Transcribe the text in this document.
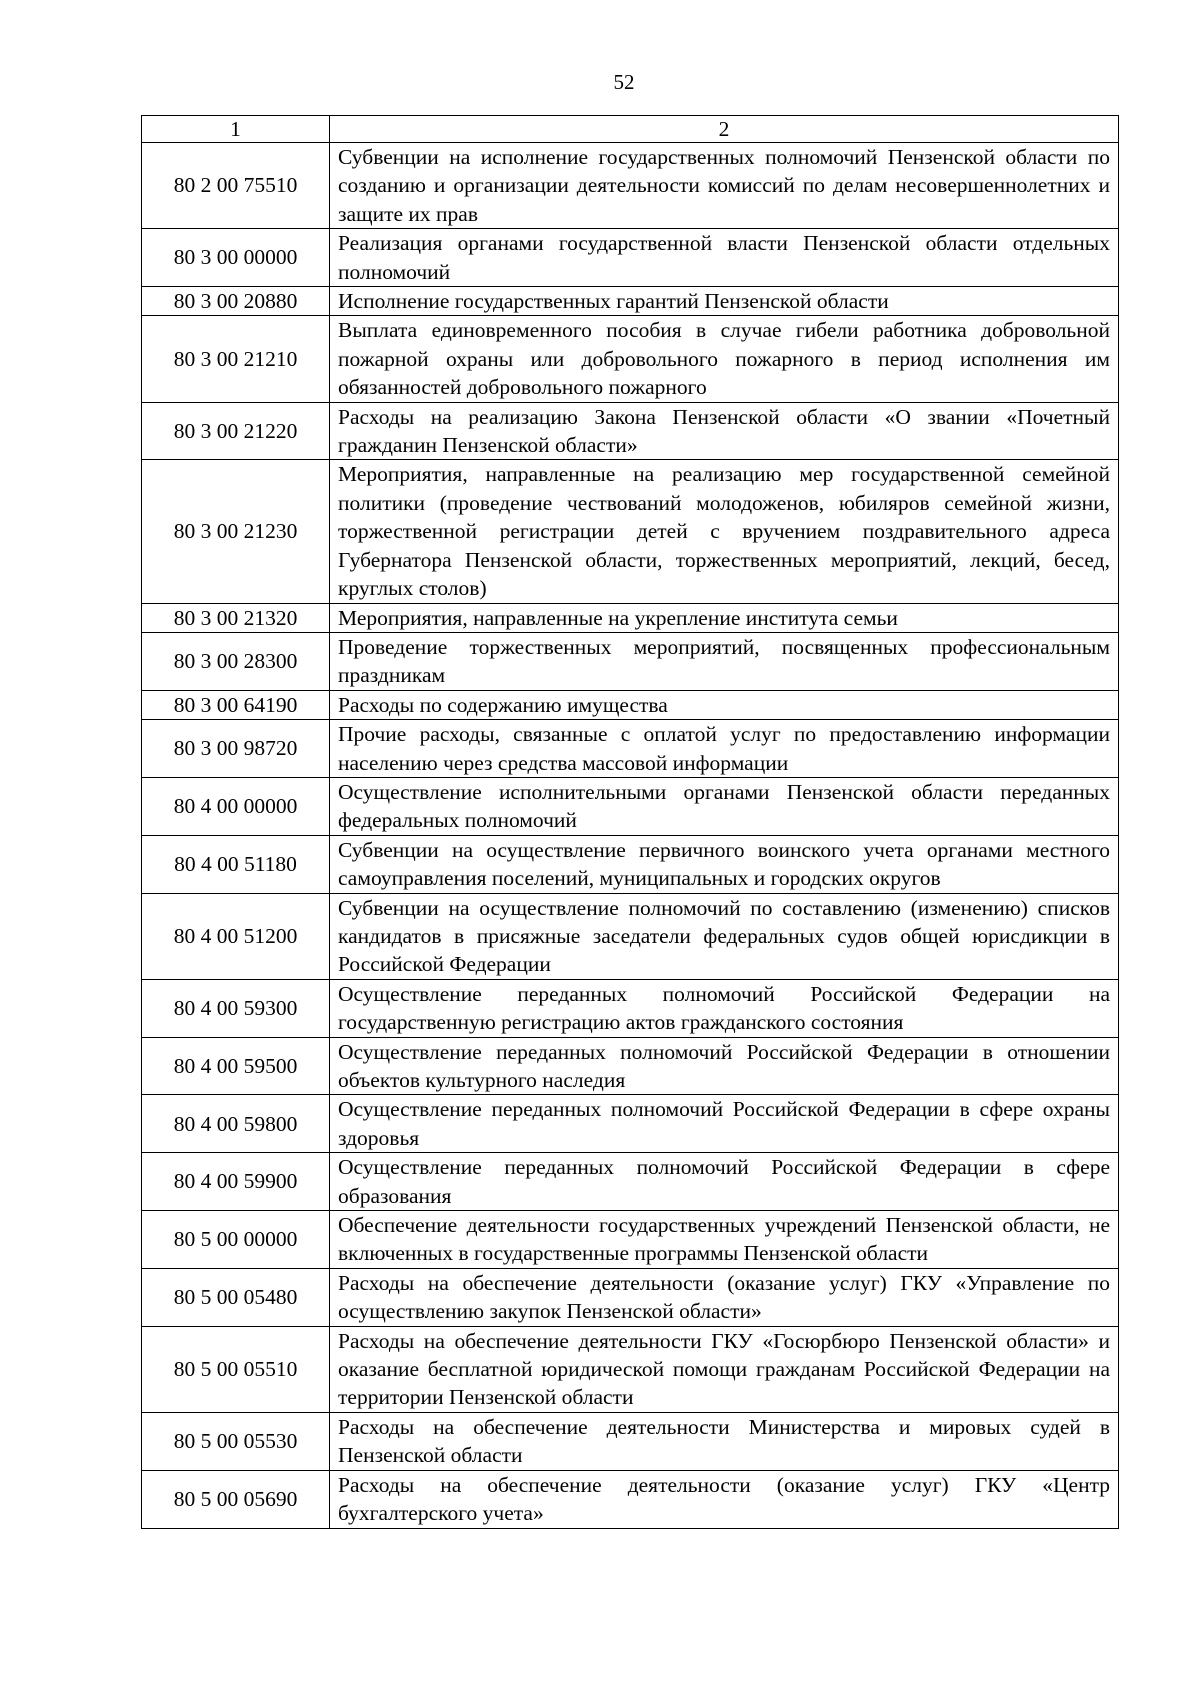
52
1	2
80 2 00 75510	Субвенции на исполнение государственных полномочий Пензенской области по созданию и организации деятельности комиссий по делам несовершеннолетних и защите их прав
80 3 00 00000	Реализация органами государственной власти Пензенской области отдельных полномочий
80 3 00 20880	Исполнение государственных гарантий Пензенской области
80 3 00 21210	Выплата единовременного пособия в случае гибели работника добровольной пожарной охраны или добровольного пожарного в период исполнения им обязанностей добровольного пожарного
80 3 00 21220	Расходы на реализацию Закона Пензенской области «О звании «Почетный гражданин Пензенской области»
80 3 00 21230	Мероприятия, направленные на реализацию мер государственной семейной политики (проведение чествований молодоженов, юбиляров семейной жизни, торжественной регистрации детей с вручением поздравительного адреса Губернатора Пензенской области, торжественных мероприятий, лекций, бесед, круглых столов)
80 3 00 21320	Мероприятия, направленные на укрепление института семьи
80 3 00 28300	Проведение торжественных мероприятий, посвященных профессиональным праздникам
80 3 00 64190	Расходы по содержанию имущества
80 3 00 98720	Прочие расходы, связанные с оплатой услуг по предоставлению информации населению через средства массовой информации
80 4 00 00000	Осуществление исполнительными органами Пензенской области переданных федеральных полномочий
80 4 00 51180	Субвенции на осуществление первичного воинского учета органами местного самоуправления поселений, муниципальных и городских округов
80 4 00 51200	Субвенции на осуществление полномочий по составлению (изменению) списков кандидатов в присяжные заседатели федеральных судов общей юрисдикции в Российской Федерации
80 4 00 59300	Осуществление переданных полномочий Российской Федерации на государственную регистрацию актов гражданского состояния
80 4 00 59500	Осуществление переданных полномочий Российской Федерации в отношении объектов культурного наследия
80 4 00 59800	Осуществление переданных полномочий Российской Федерации в сфере охраны здоровья
80 4 00 59900	Осуществление переданных полномочий Российской Федерации в сфере образования
80 5 00 00000	Обеспечение деятельности государственных учреждений Пензенской области, не включенных в государственные программы Пензенской области
80 5 00 05480	Расходы на обеспечение деятельности (оказание услуг) ГКУ «Управление по осуществлению закупок Пензенской области»
80 5 00 05510	Расходы на обеспечение деятельности ГКУ «Госюрбюро Пензенской области» и оказание бесплатной юридической помощи гражданам Российской Федерации на территории Пензенской области
80 5 00 05530	Расходы на обеспечение деятельности Министерства и мировых судей в Пензенской области
80 5 00 05690	Расходы на обеспечение деятельности (оказание услуг) ГКУ «Центр бухгалтерского учета»
